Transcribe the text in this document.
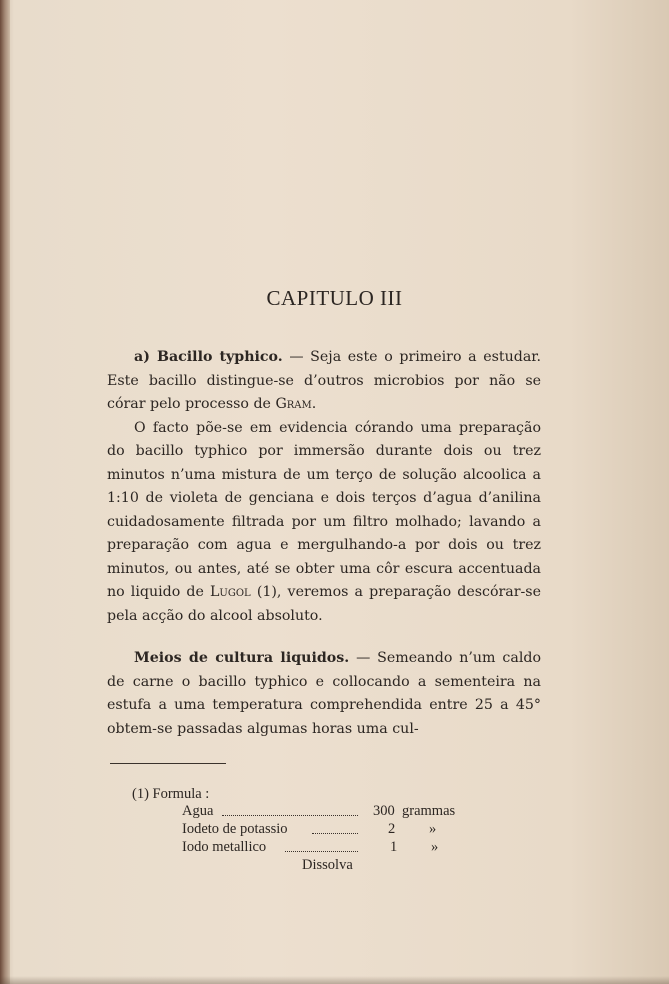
CAPITULO III

a) Bacillo typhico. — Seja este o primeiro a estudar. Este bacillo distingue-se d’outros microbios por não se córar pelo processo de Gram.

O facto põe-se em evidencia córando uma preparação do bacillo typhico por immersão durante dois ou trez minutos n’uma mistura de um terço de solução alcoolica a 1:10 de violeta de genciana e dois terços d’agua d’anilina cuidadosamente filtrada por um filtro molhado; lavando a preparação com agua e mergulhando-a por dois ou trez minutos, ou antes, até se obter uma côr escura accentuada no liquido de Lugol (1), veremos a preparação descórar-se pela acção do alcool absoluto.

Meios de cultura liquidos. — Semeando n’um caldo de carne o bacillo typhico e collocando a sementeira na estufa a uma temperatura comprehendida entre 25 a 45° obtem-se passadas algumas horas uma cul-

(1) Formula :
Agua	300 grammas
Iodeto de potassio	2 »
Iodo metallico	1 »
Dissolva
